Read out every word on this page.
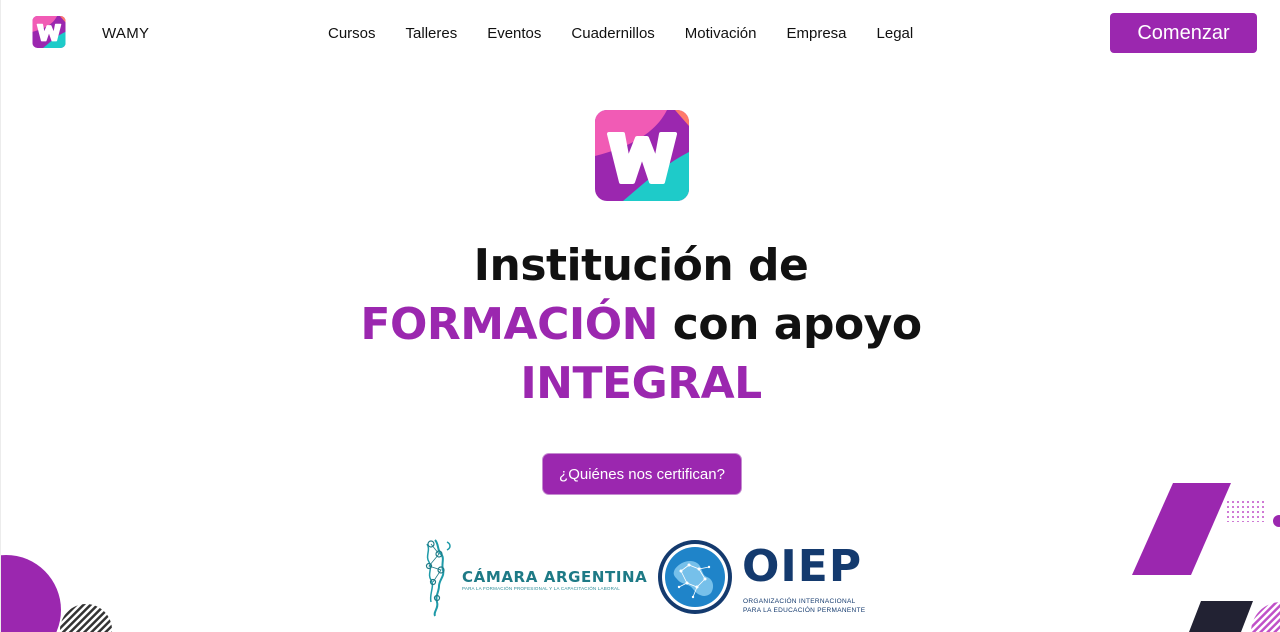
WAMY	Cursos Talleres Eventos Cuadernillos Motivación Empresa Legal	Comenzar
Institución de
FORMACIÓN con apoyo
INTEGRAL
¿Quiénes nos certifican?
CÁMARA ARGENTINA
PARA LA FORMACIÓN PROFESIONAL Y LA CAPACITACIÓN LABORAL	OIEP
ORGANIZACIÓN INTERNACIONAL
PARA LA EDUCACIÓN PERMANENTE
